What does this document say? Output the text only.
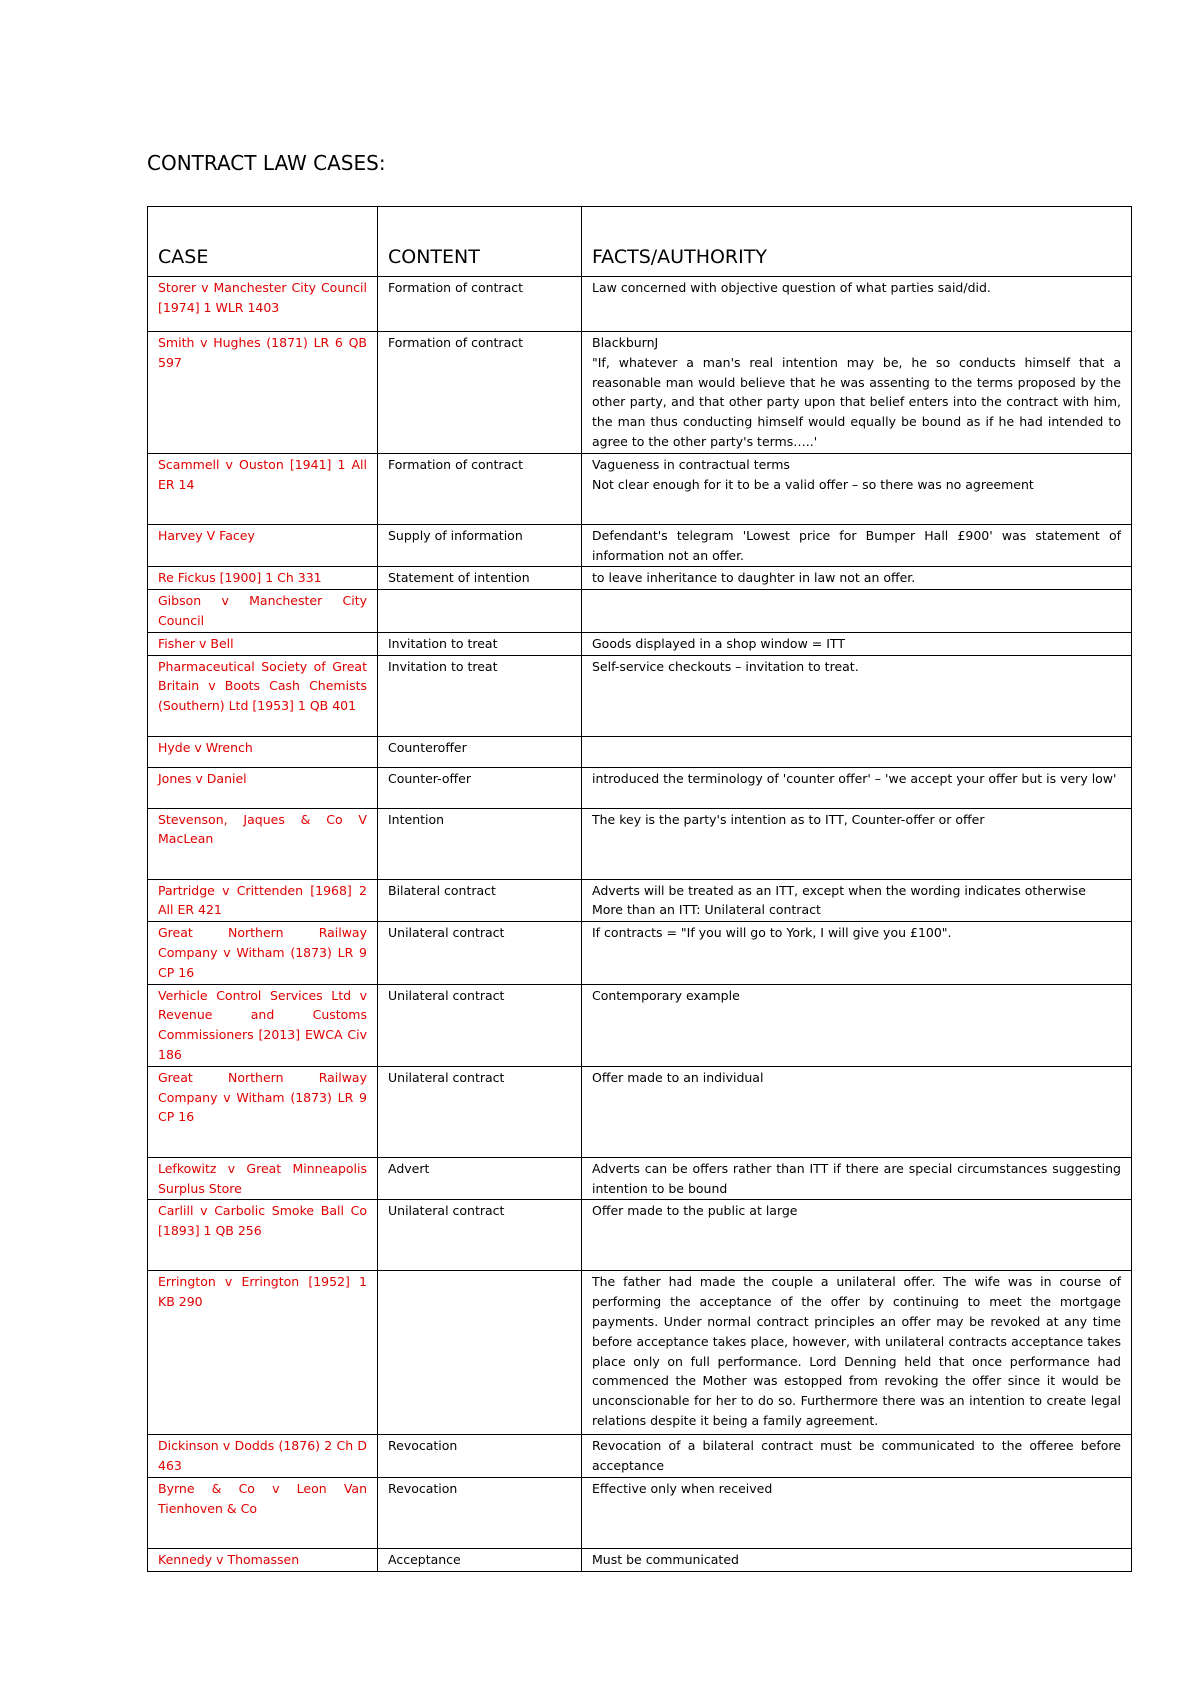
CONTRACT LAW CASES:
CASE	CONTENT	FACTS/AUTHORITY
Storer v Manchester City Council [1974] 1 WLR 1403	Formation of contract	Law concerned with objective question of what parties said/did.

Smith v Hughes (1871) LR 6 QB 597	Formation of contract	BlackburnJ
"If, whatever a man's real intention may be, he so conducts himself that a reasonable man would believe that he was assenting to the terms proposed by the other party, and that other party upon that belief enters into the contract with him, the man thus conducting himself would equally be bound as if he had intended to agree to the other party's terms…..'

Scammell v Ouston [1941] 1 All ER 14	Formation of contract	Vagueness in contractual terms
Not clear enough for it to be a valid offer – so there was no agreement

Harvey V Facey	Supply of information	Defendant's telegram 'Lowest price for Bumper Hall £900' was statement of information not an offer.

Re Fickus [1900] 1 Ch 331	Statement of intention	to leave inheritance to daughter in law not an offer.

Gibson v Manchester City Council		

Fisher v Bell	Invitation to treat	Goods displayed in a shop window = ITT

Pharmaceutical Society of Great Britain v Boots Cash Chemists (Southern) Ltd [1953] 1 QB 401	Invitation to treat	Self-service checkouts – invitation to treat.

Hyde v Wrench	Counteroffer	

Jones v Daniel	Counter-offer	introduced the terminology of 'counter offer' – 'we accept your offer but is very low'

Stevenson, Jaques & Co V MacLean	Intention	The key is the party's intention as to ITT, Counter-offer or offer

Partridge v Crittenden [1968] 2 All ER 421	Bilateral contract	Adverts will be treated as an ITT, except when the wording indicates otherwise
More than an ITT: Unilateral contract

Great Northern Railway Company v Witham (1873) LR 9 CP 16	Unilateral contract	If contracts = "If you will go to York, I will give you £100".

Verhicle Control Services Ltd v Revenue and Customs Commissioners [2013] EWCA Civ 186	Unilateral contract	Contemporary example

Great Northern Railway Company v Witham (1873) LR 9 CP 16	Unilateral contract	Offer made to an individual

Lefkowitz v Great Minneapolis Surplus Store	Advert	Adverts can be offers rather than ITT if there are special circumstances suggesting intention to be bound

Carlill v Carbolic Smoke Ball Co [1893] 1 QB 256	Unilateral contract	Offer made to the public at large

Errington v Errington [1952] 1 KB 290		The father had made the couple a unilateral offer. The wife was in course of performing the acceptance of the offer by continuing to meet the mortgage payments. Under normal contract principles an offer may be revoked at any time before acceptance takes place, however, with unilateral contracts acceptance takes place only on full performance. Lord Denning held that once performance had commenced the Mother was estopped from revoking the offer since it would be unconscionable for her to do so. Furthermore there was an intention to create legal relations despite it being a family agreement.

Dickinson v Dodds (1876) 2 Ch D 463	Revocation	Revocation of a bilateral contract must be communicated to the offeree before acceptance

Byrne & Co v Leon Van Tienhoven & Co	Revocation	Effective only when received

Kennedy v Thomassen	Acceptance	Must be communicated
